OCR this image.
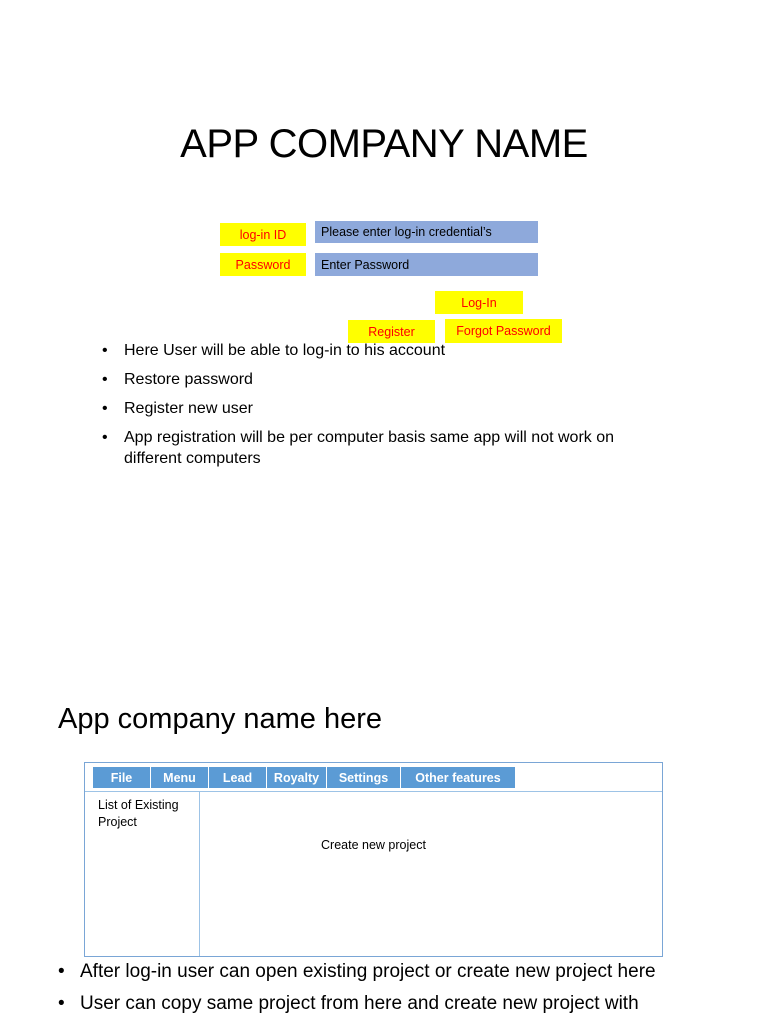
APP COMPANY NAME
log-in ID	Please enter log-in credential’s
Password	Enter Password
Log-In
Register	Forgot Password
• Here User will be able to log-in to his account
• Restore password
• Register new user
• App registration will be per computer basis same app will not work on different computers
App company name here
File	Menu	Lead	Royalty	Settings	Other features
List of Existing Project
Create new project
• After log-in user can open existing project or create new project here
• User can copy same project from here and create new project with
